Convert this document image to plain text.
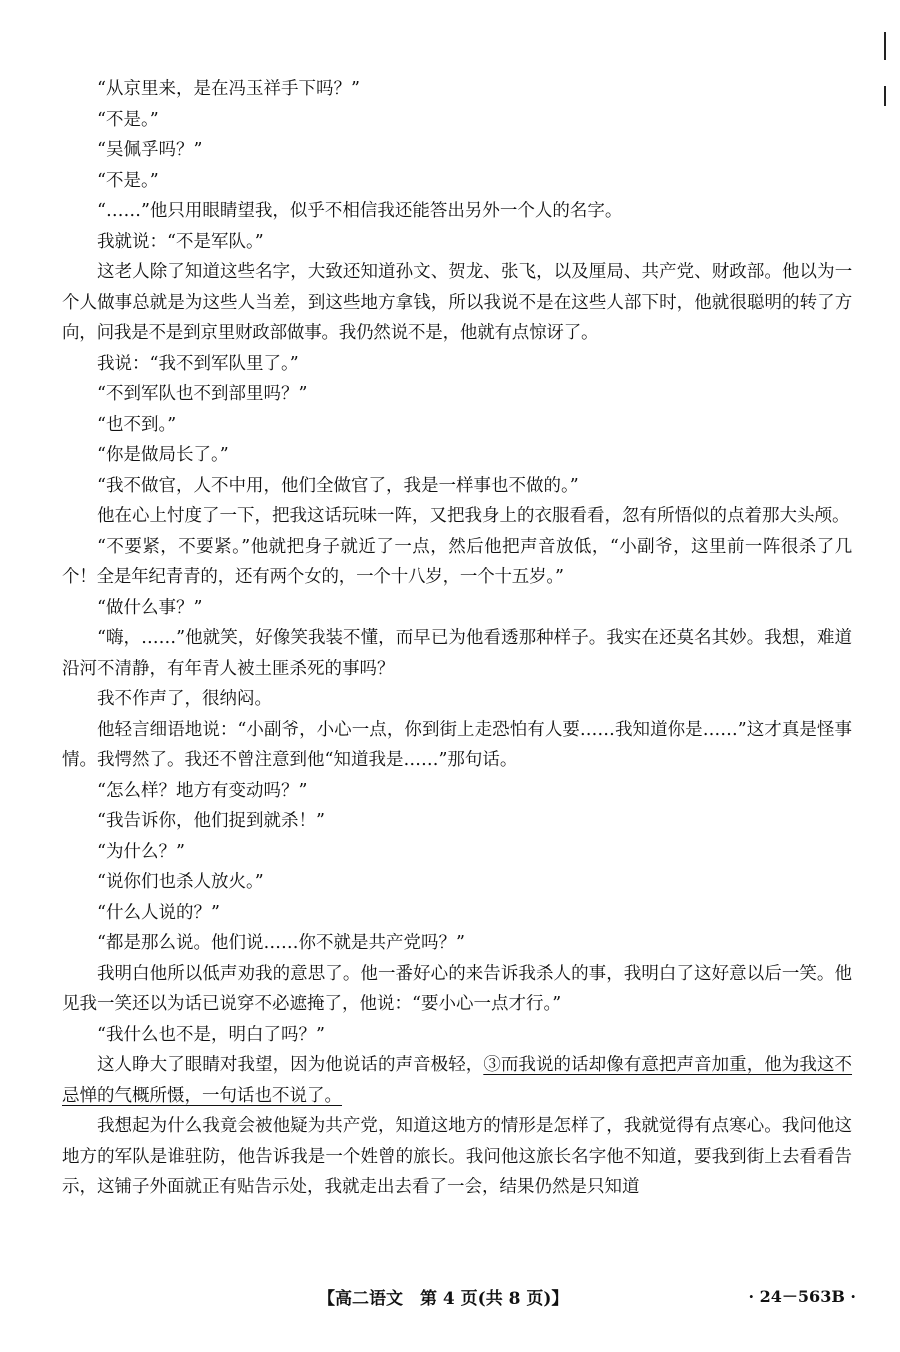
“从京里来，是在冯玉祥手下吗？”

“不是。”

“吴佩孚吗？”

“不是。”

“……”他只用眼睛望我，似乎不相信我还能答出另外一个人的名字。

我就说：“不是军队。”

这老人除了知道这些名字，大致还知道孙文、贺龙、张飞，以及厘局、共产党、财政部。他以为一个人做事总就是为这些人当差，到这些地方拿钱，所以我说不是在这些人部下时，他就很聪明的转了方向，问我是不是到京里财政部做事。我仍然说不是，他就有点惊讶了。

我说：“我不到军队里了。”

“不到军队也不到部里吗？”

“也不到。”

“你是做局长了。”

“我不做官，人不中用，他们全做官了，我是一样事也不做的。”

他在心上忖度了一下，把我这话玩味一阵，又把我身上的衣服看看，忽有所悟似的点着那大头颅。

“不要紧，不要紧。”他就把身子就近了一点，然后他把声音放低，“小副爷，这里前一阵很杀了几个！全是年纪青青的，还有两个女的，一个十八岁，一个十五岁。”

“做什么事？”

“嗨，……”他就笑，好像笑我装不懂，而早已为他看透那种样子。我实在还莫名其妙。我想，难道沿河不清静，有年青人被土匪杀死的事吗？

我不作声了，很纳闷。

他轻言细语地说：“小副爷，小心一点，你到街上走恐怕有人要……我知道你是……”这才真是怪事情。我愕然了。我还不曾注意到他“知道我是……”那句话。

“怎么样？地方有变动吗？”

“我告诉你，他们捉到就杀！”

“为什么？”

“说你们也杀人放火。”

“什么人说的？”

“都是那么说。他们说……你不就是共产党吗？”

我明白他所以低声劝我的意思了。他一番好心的来告诉我杀人的事，我明白了这好意以后一笑。他见我一笑还以为话已说穿不必遮掩了，他说：“要小心一点才行。”

“我什么也不是，明白了吗？”

这人睁大了眼睛对我望，因为他说话的声音极轻，③而我说的话却像有意把声音加重，他为我这不忌惮的气概所慑，一句话也不说了。

我想起为什么我竟会被他疑为共产党，知道这地方的情形是怎样了，我就觉得有点寒心。我问他这地方的军队是谁驻防，他告诉我是一个姓曾的旅长。我问他这旅长名字他不知道，要我到街上去看看告示，这铺子外面就正有贴告示处，我就走出去看了一会，结果仍然是只知道

【高二语文　第 4 页(共 8 页)】	· 24－563B ·
